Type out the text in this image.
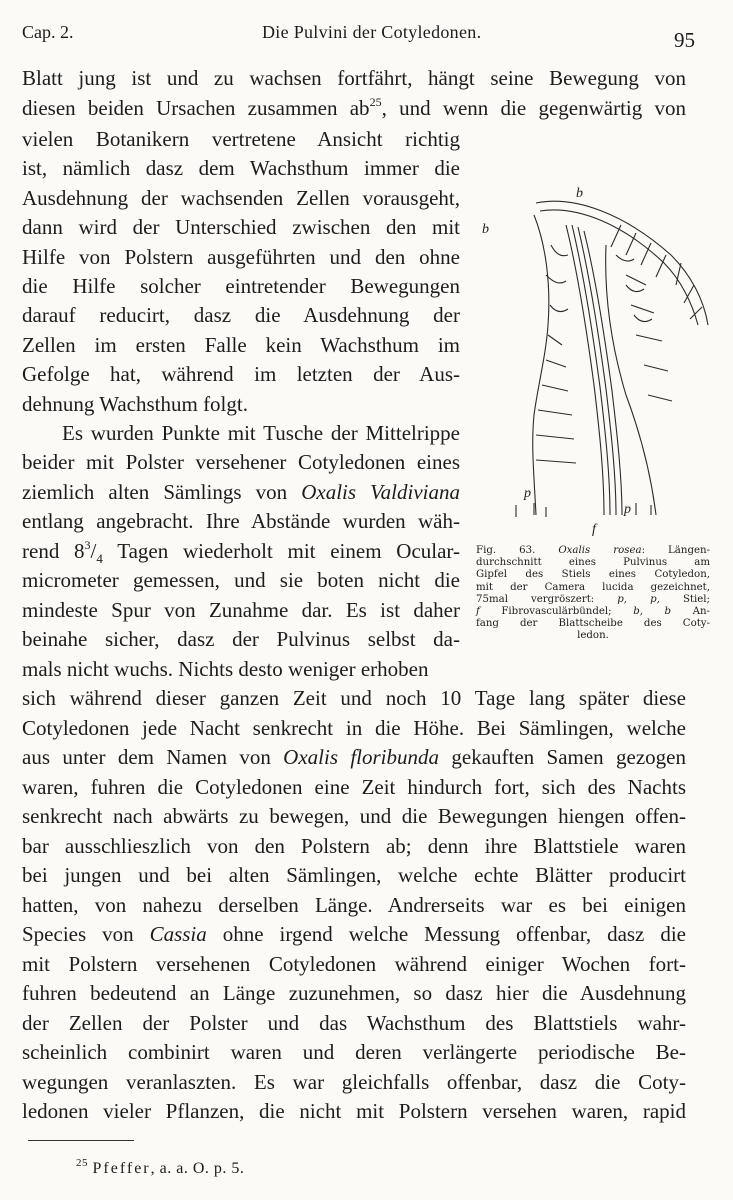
Cap. 2.	Die Pulvini der Cotyledonen.	95
Blatt jung ist und zu wachsen fortfährt, hängt seine Bewegung von
diesen beiden Ursachen zusammen $ab^{25}$, und wenn die gegenwärtig von
vielen Botanikern vertretene Ansicht richtig
ist, nämlich dasz dem Wachsthum immer die
Ausdehnung der wachsenden Zellen vorausgeht,
dann wird der Unterschied zwischen den mit
Hilfe von Polstern ausgeführten und den ohne
die Hilfe solcher eintretender Bewegungen
darauf reducirt, dasz die Ausdehnung der
Zellen im ersten Falle kein Wachsthum im
Gefolge hat, während im letzten der Aus-
dehnung Wachsthum folgt.
Es wurden Punkte mit Tusche der Mittelrippe
beider mit Polster versehener Cotyledonen eines
ziemlich alten Sämlings von Oxalis Valdiviana
entlang angebracht. Ihre Abstände wurden wäh-
rend $8^3/_4$ Tagen wiederholt mit einem Ocular-
micrometer gemessen, und sie boten nicht die
mindeste Spur von Zunahme dar. Es ist daher
beinahe sicher, dasz der Pulvinus selbst da-
mals nicht wuchs. Nichts desto weniger erhoben
sich während dieser ganzen Zeit und noch 10 Tage lang später diese
Cotyledonen jede Nacht senkrecht in die Höhe. Bei Sämlingen, welche
aus unter dem Namen von Oxalis floribunda gekauften Samen gezogen
waren, fuhren die Cotyledonen eine Zeit hindurch fort, sich des Nachts
senkrecht nach abwärts zu bewegen, und die Bewegungen hiengen offen-
bar ausschlieszlich von den Polstern ab; denn ihre Blattstiele waren
bei jungen und bei alten Sämlingen, welche echte Blätter producirt
hatten, von nahezu derselben Länge. Andrerseits war es bei einigen
Species von Cassia ohne irgend welche Messung offenbar, dasz die
mit Polstern versehenen Cotyledonen während einiger Wochen fort-
fuhren bedeutend an Länge zuzunehmen, so dasz hier die Ausdehnung
der Zellen der Polster und das Wachsthum des Blattstiels wahr-
scheinlich combinirt waren und deren verlängerte periodische Be-
wegungen veranlaszten. Es war gleichfalls offenbar, dasz die Coty-
ledonen vieler Pflanzen, die nicht mit Polstern versehen waren, rapid
b
b
p
p
f
Fig. 63. Oxalis rosea: Längen-
durchschnitt eines Pulvinus am
Gipfel des Stiels eines Cotyledon,
mit der Camera lucida gezeichnet,
75mal vergröszert: p, p, Stiel;
f Fibrovasculärbündel; b, b An-
fang der Blattscheibe des Coty-
ledon.
$^{25}$ Pfeffer, a. a. O. p. 5.
